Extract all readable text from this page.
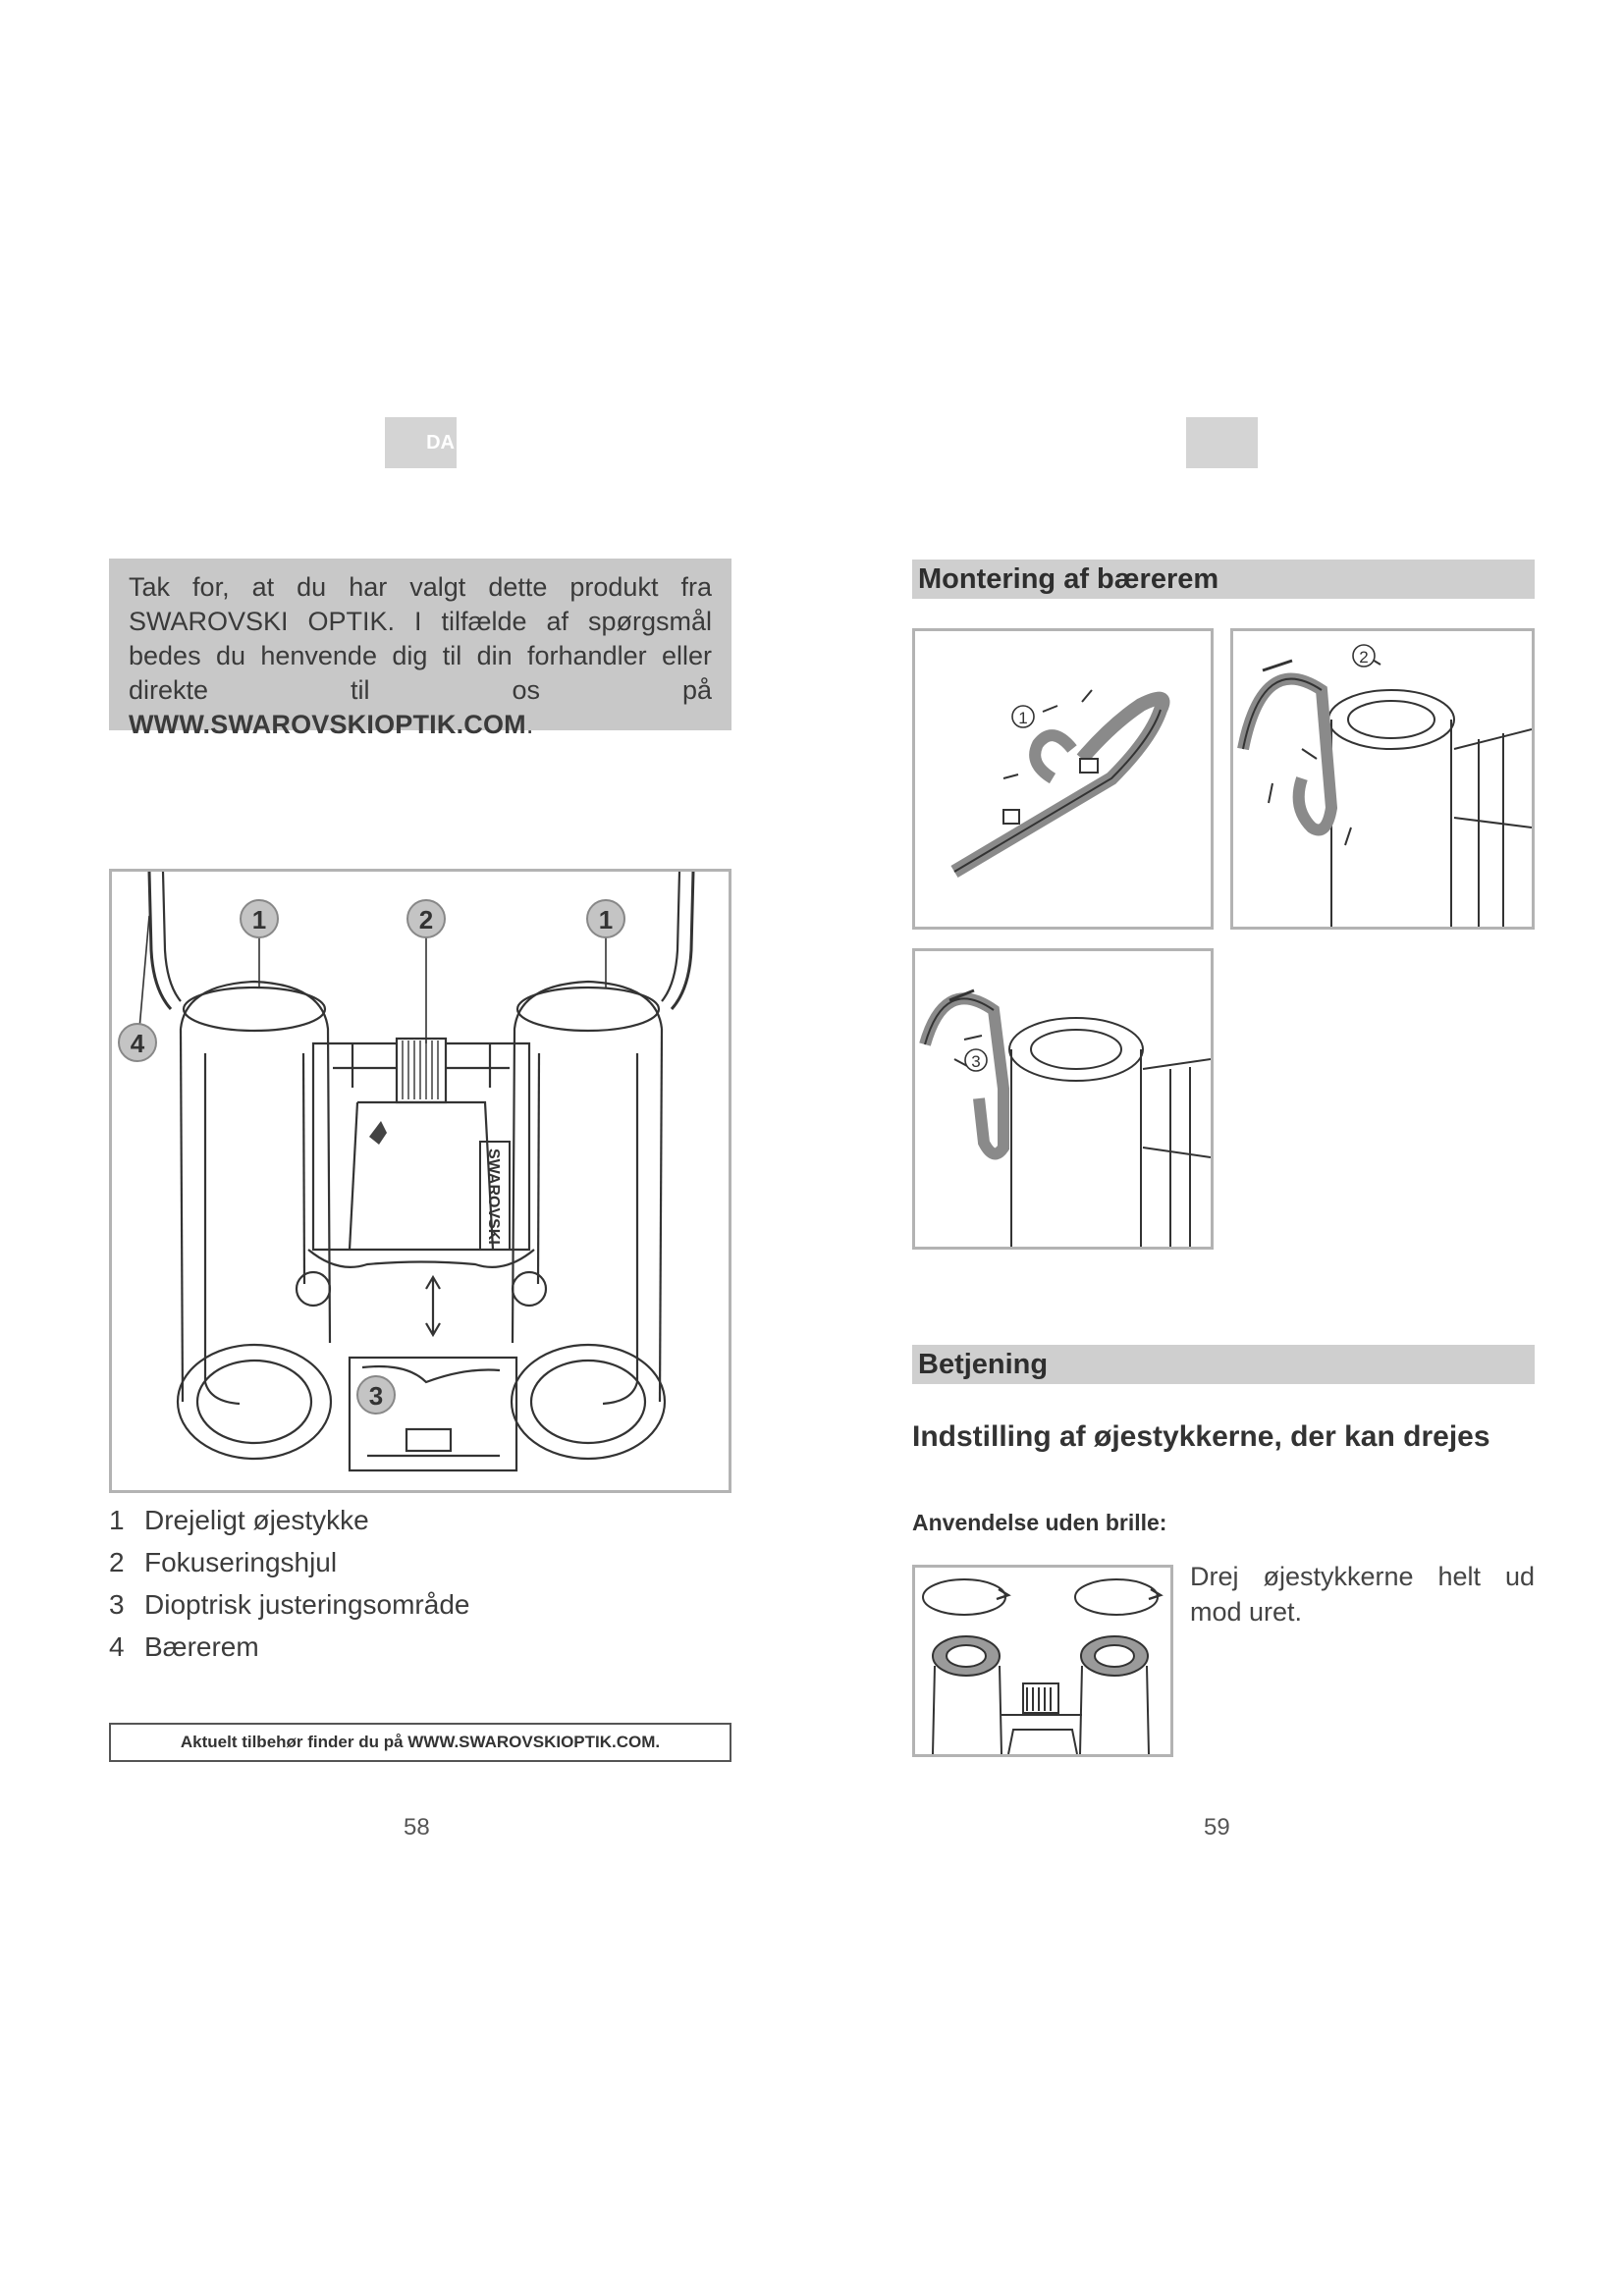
DA
Tak for, at du har valgt dette produkt fra SWAROVSKI OPTIK. I tilfælde af spørgsmål bedes du henvende dig til din forhandler eller direkte til os på WWW.SWAROVSKIOPTIK.COM.
SWAROVSKI
1	2	1
4
3
1 Drejeligt øjestykke
2 Fokuseringshjul
3 Dioptrisk justeringsområde
4 Bærerem
Aktuelt tilbehør finder du på WWW.SWAROVSKIOPTIK.COM.
58
Montering af bærerem
1
2
3
Betjening
Indstilling af øjestykkerne, der kan drejes
Anvendelse uden brille:
Drej øjestykkerne helt ud mod uret.
59
